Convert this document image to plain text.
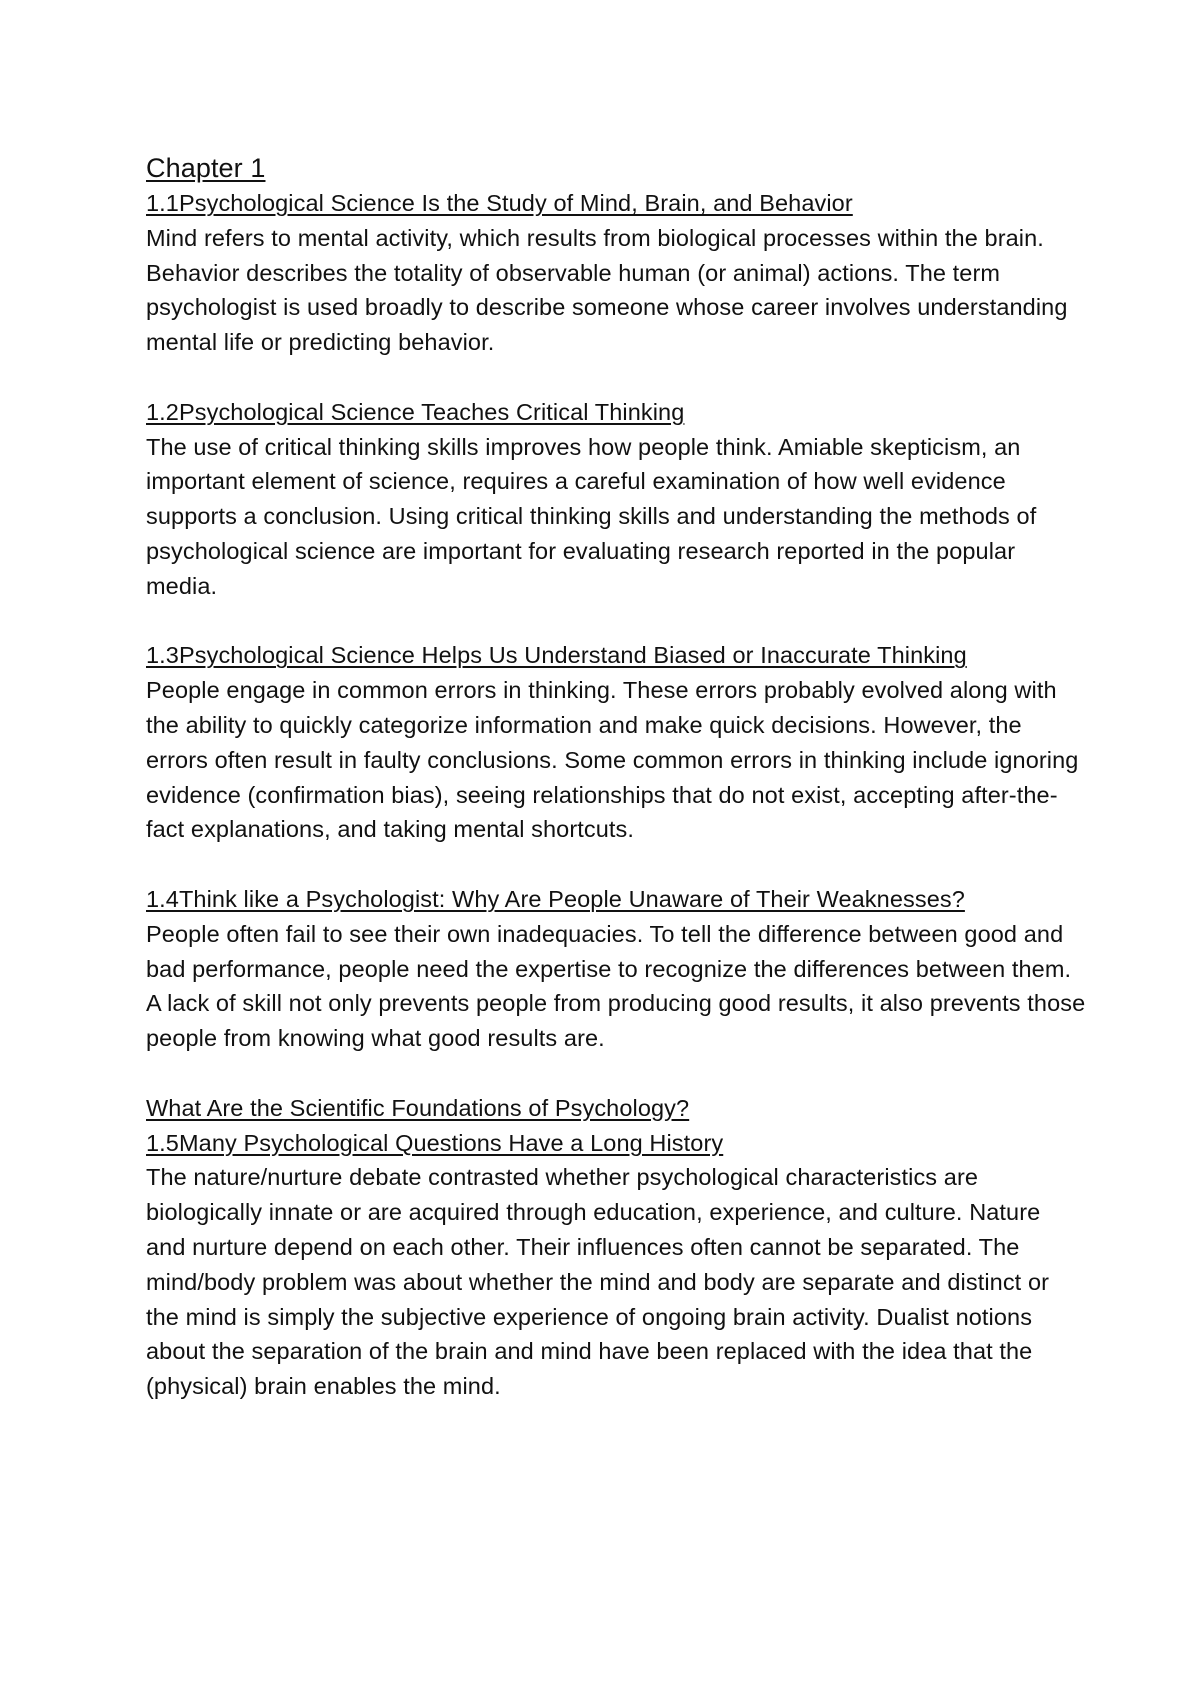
Chapter 1
1.1Psychological Science Is the Study of Mind, Brain, and Behavior

Mind refers to mental activity, which results from biological processes within the brain. Behavior describes the totality of observable human (or animal) actions. The term psychologist is used broadly to describe someone whose career involves understanding mental life or predicting behavior.

1.2Psychological Science Teaches Critical Thinking

The use of critical thinking skills improves how people think. Amiable skepticism, an important element of science, requires a careful examination of how well evidence supports a conclusion. Using critical thinking skills and understanding the methods of psychological science are important for evaluating research reported in the popular media.

1.3Psychological Science Helps Us Understand Biased or Inaccurate Thinking

People engage in common errors in thinking. These errors probably evolved along with the ability to quickly categorize information and make quick decisions. However, the errors often result in faulty conclusions. Some common errors in thinking include ignoring evidence (confirmation bias), seeing relationships that do not exist, accepting after-the-fact explanations, and taking mental shortcuts.

1.4Think like a Psychologist: Why Are People Unaware of Their Weaknesses?

People often fail to see their own inadequacies. To tell the difference between good and bad performance, people need the expertise to recognize the differences between them. A lack of skill not only prevents people from producing good results, it also prevents those people from knowing what good results are.

What Are the Scientific Foundations of Psychology?
1.5Many Psychological Questions Have a Long History

The nature/nurture debate contrasted whether psychological characteristics are biologically innate or are acquired through education, experience, and culture. Nature and nurture depend on each other. Their influences often cannot be separated. The mind/body problem was about whether the mind and body are separate and distinct or the mind is simply the subjective experience of ongoing brain activity. Dualist notions about the separation of the brain and mind have been replaced with the idea that the (physical) brain enables the mind.
